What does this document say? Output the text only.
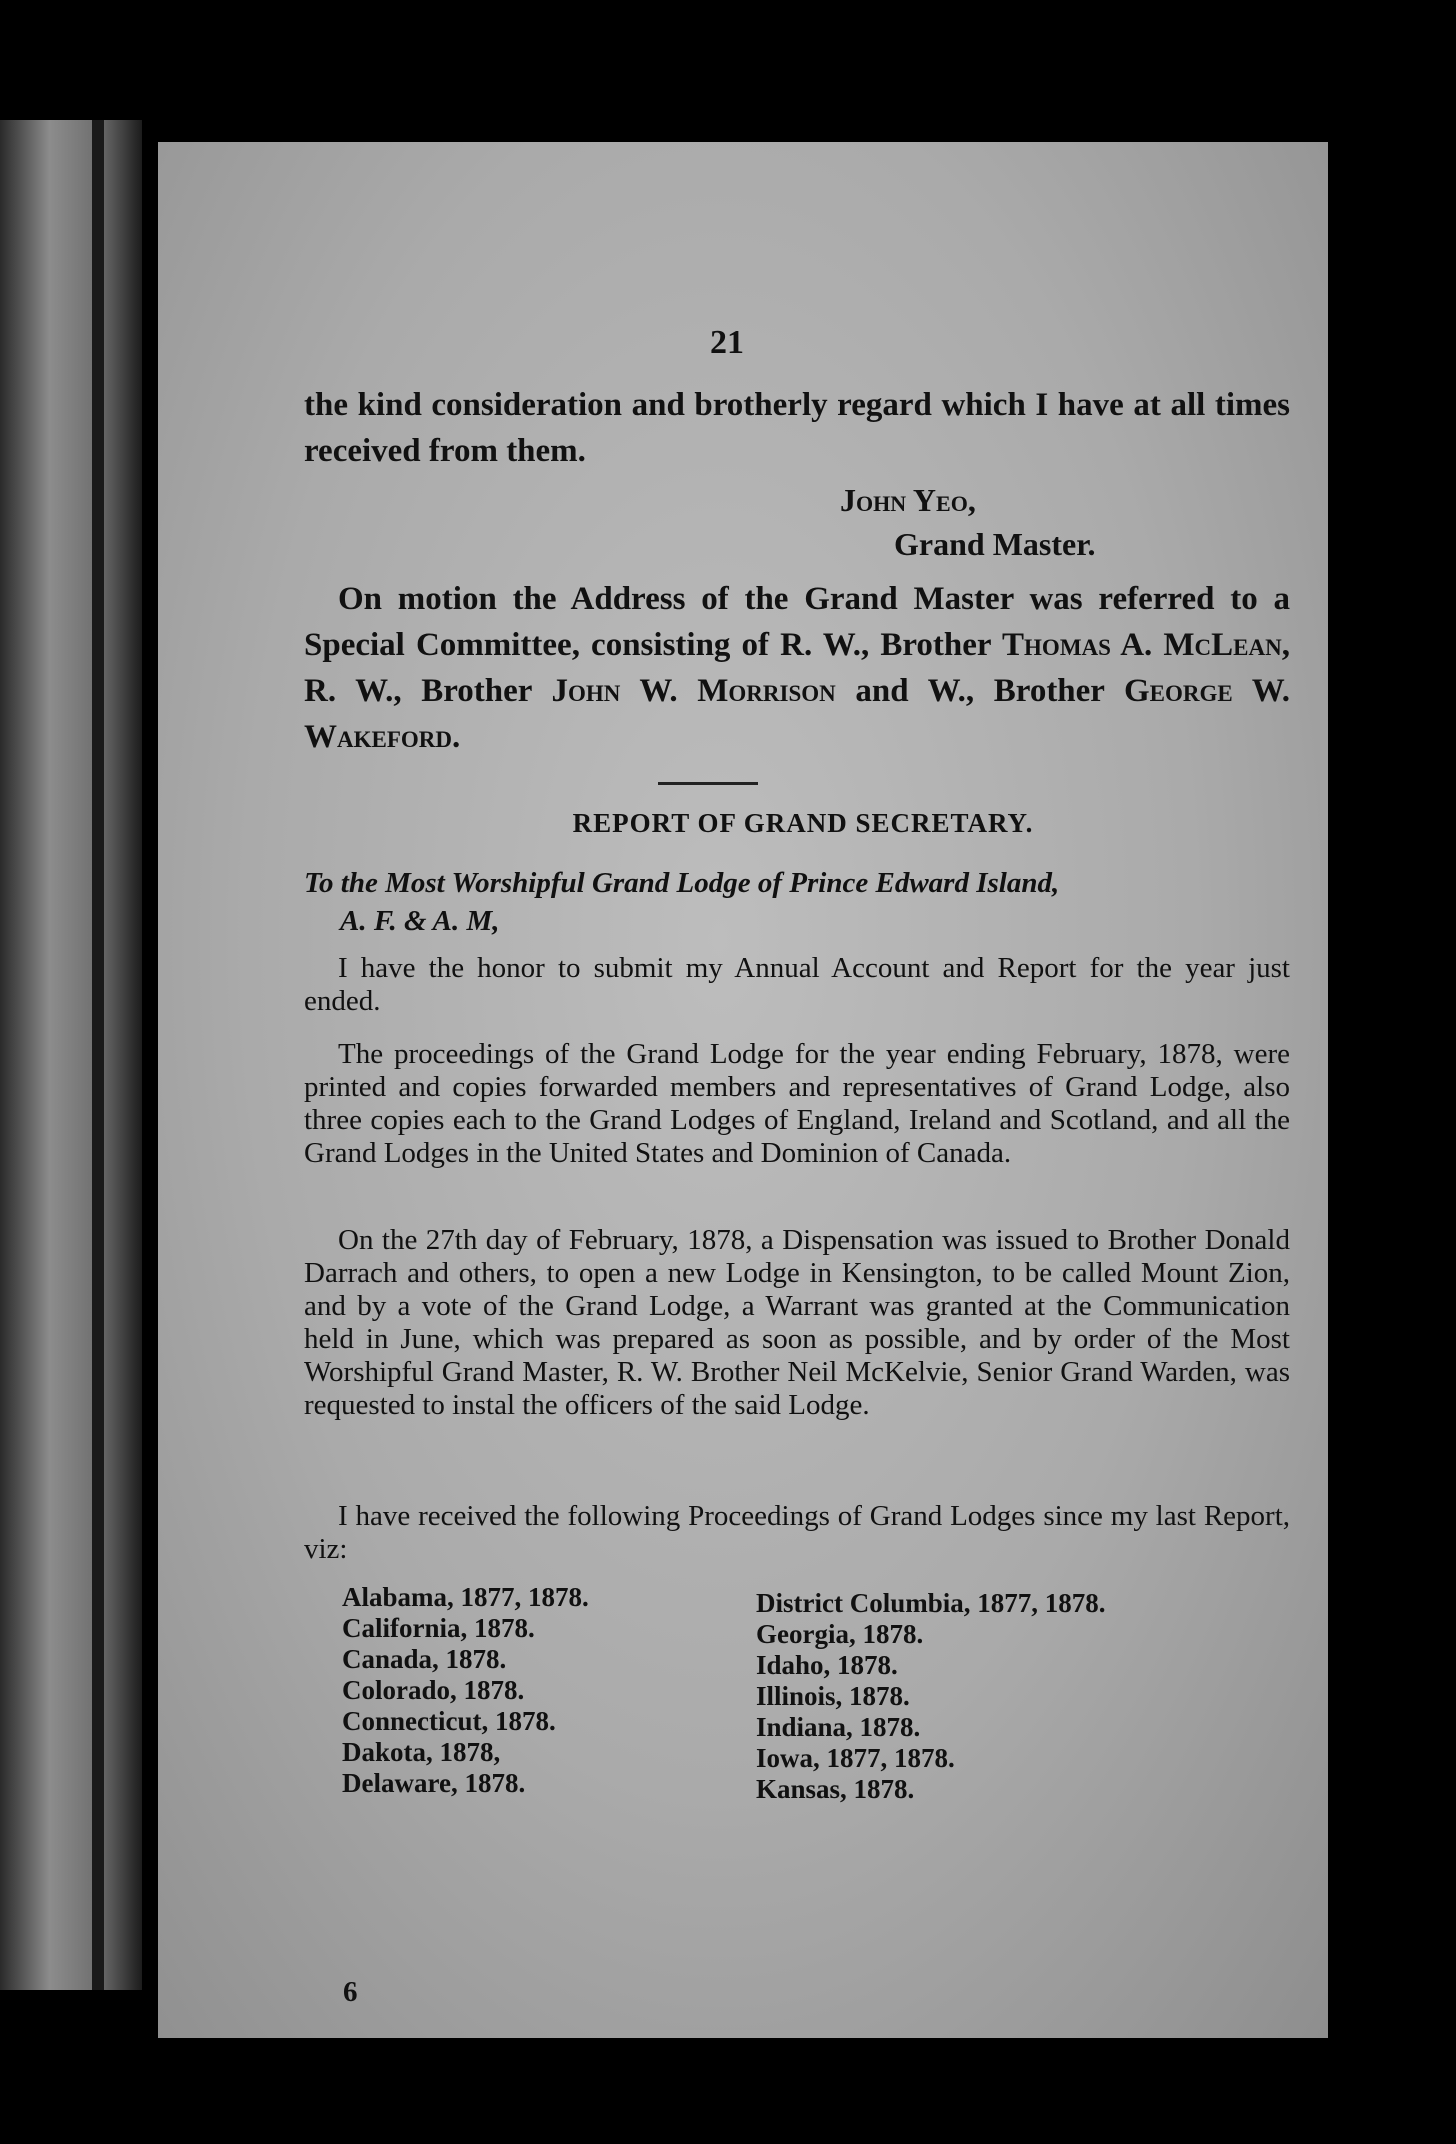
21
the kind consideration and brotherly regard which I have at all times received from them.
John Yeo,
Grand Master.
On motion the Address of the Grand Master was referred to a Special Committee, consisting of R. W., Brother Thomas A. McLean, R. W., Brother John W. Morrison and W., Brother George W. Wakeford.
REPORT OF GRAND SECRETARY.
To the Most Worshipful Grand Lodge of Prince Edward Island,
A. F. & A. M,
I have the honor to submit my Annual Account and Report for the year just ended.
The proceedings of the Grand Lodge for the year ending February, 1878, were printed and copies forwarded members and representatives of Grand Lodge, also three copies each to the Grand Lodges of England, Ireland and Scotland, and all the Grand Lodges in the United States and Dominion of Canada.
On the 27th day of February, 1878, a Dispensation was issued to Brother Donald Darrach and others, to open a new Lodge in Kensington, to be called Mount Zion, and by a vote of the Grand Lodge, a Warrant was granted at the Communication held in June, which was prepared as soon as possible, and by order of the Most Worshipful Grand Master, R. W. Brother Neil McKelvie, Senior Grand Warden, was requested to instal the officers of the said Lodge.
I have received the following Proceedings of Grand Lodges since my last Report, viz:
Alabama, 1877, 1878.
California, 1878.
Canada, 1878.
Colorado, 1878.
Connecticut, 1878.
Dakota, 1878,
Delaware, 1878.
District Columbia, 1877, 1878.
Georgia, 1878.
Idaho, 1878.
Illinois, 1878.
Indiana, 1878.
Iowa, 1877, 1878.
Kansas, 1878.
6
